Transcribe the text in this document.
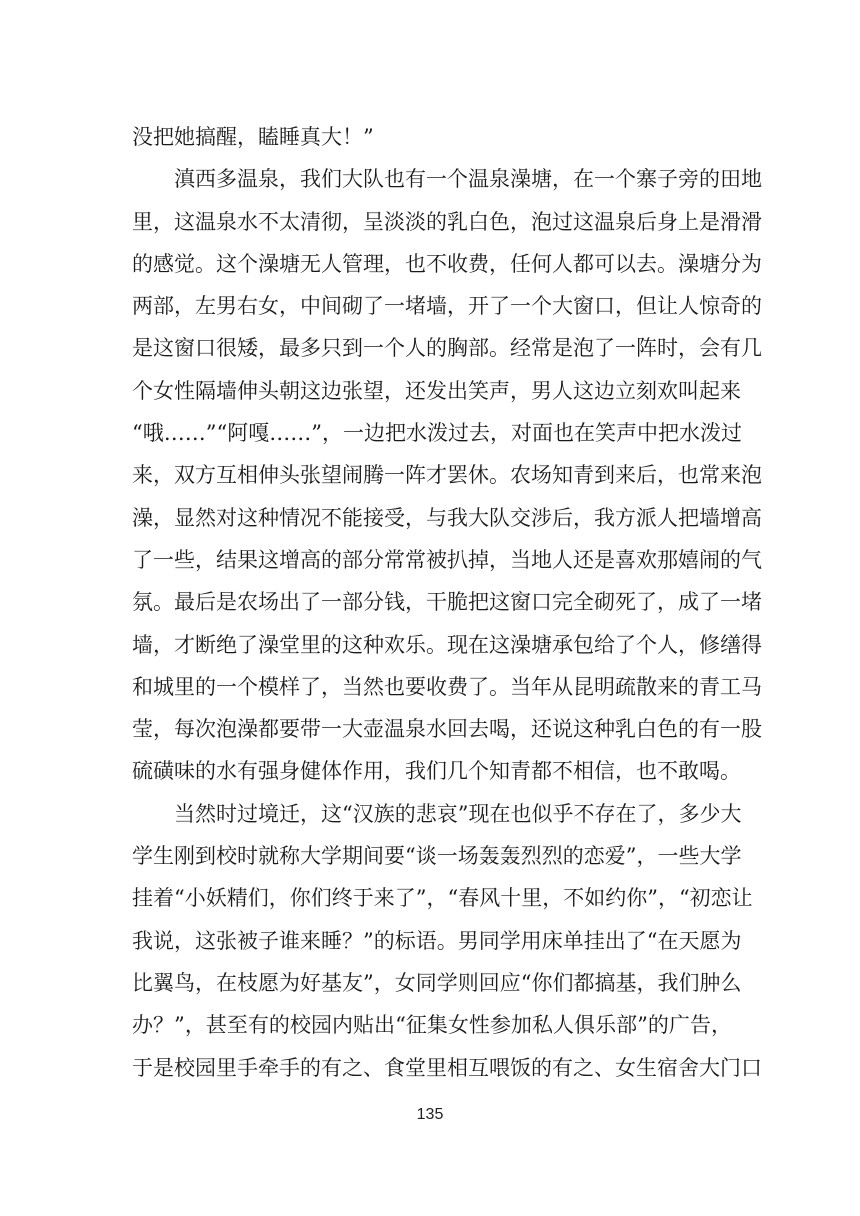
没把她搞醒，瞌睡真大！”
　　滇西多温泉，我们大队也有一个温泉澡塘，在一个寨子旁的田地
里，这温泉水不太清彻，呈淡淡的乳白色，泡过这温泉后身上是滑滑
的感觉。这个澡塘无人管理，也不收费，任何人都可以去。澡塘分为
两部，左男右女，中间砌了一堵墙，开了一个大窗口，但让人惊奇的
是这窗口很矮，最多只到一个人的胸部。经常是泡了一阵时，会有几
个女性隔墙伸头朝这边张望，还发出笑声，男人这边立刻欢叫起来
“哦……”“阿嘎……”，一边把水泼过去，对面也在笑声中把水泼过
来，双方互相伸头张望闹腾一阵才罢休。农场知青到来后，也常来泡
澡，显然对这种情况不能接受，与我大队交涉后，我方派人把墙增高
了一些，结果这增高的部分常常被扒掉，当地人还是喜欢那嬉闹的气
氛。最后是农场出了一部分钱，干脆把这窗口完全砌死了，成了一堵
墙，才断绝了澡堂里的这种欢乐。现在这澡塘承包给了个人，修缮得
和城里的一个模样了，当然也要收费了。当年从昆明疏散来的青工马
莹，每次泡澡都要带一大壶温泉水回去喝，还说这种乳白色的有一股
硫磺味的水有强身健体作用，我们几个知青都不相信，也不敢喝。
　　当然时过境迁，这“汉族的悲哀”现在也似乎不存在了，多少大
学生刚到校时就称大学期间要“谈一场轰轰烈烈的恋爱”，一些大学
挂着“小妖精们，你们终于来了”，“春风十里，不如约你”，“初恋让
我说，这张被子谁来睡？”的标语。男同学用床单挂出了“在天愿为
比翼鸟，在枝愿为好基友”，女同学则回应“你们都搞基，我们肿么
办？”，甚至有的校园内贴出“征集女性参加私人俱乐部”的广告，
于是校园里手牵手的有之、食堂里相互喂饭的有之、女生宿舍大门口
135
